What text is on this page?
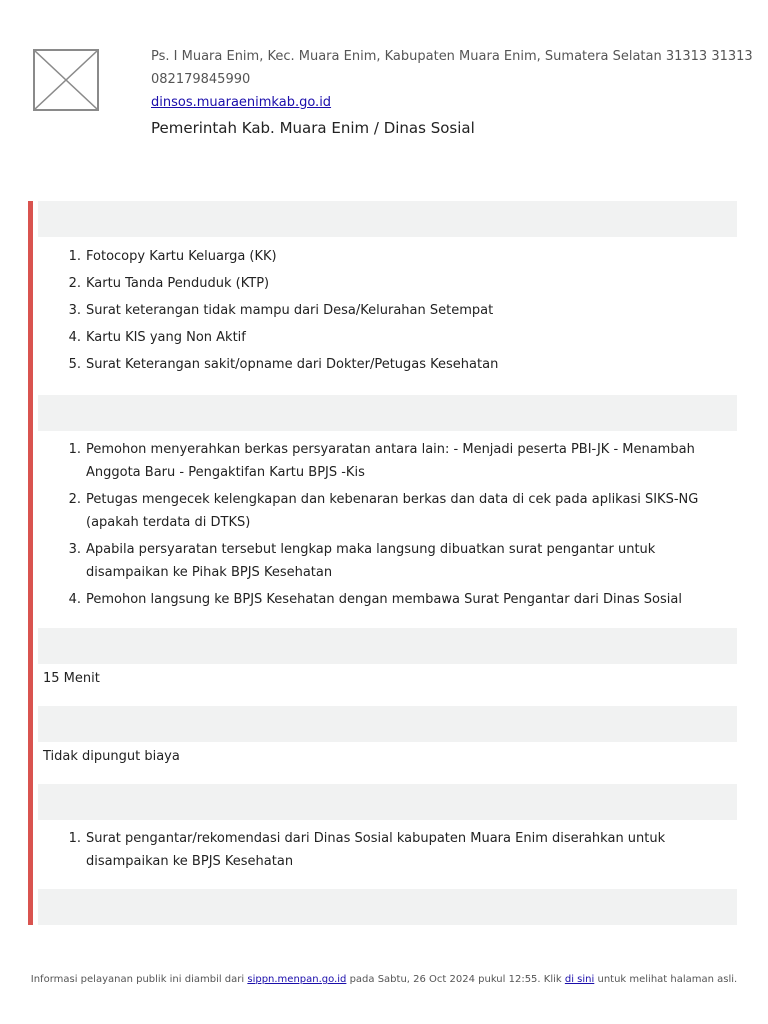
Ps. I Muara Enim, Kec. Muara Enim, Kabupaten Muara Enim, Sumatera Selatan 31313 31313
082179845990
dinsos.muaraenimkab.go.id
Pemerintah Kab. Muara Enim / Dinas Sosial
1. Fotocopy Kartu Keluarga (KK)
2. Kartu Tanda Penduduk (KTP)
3. Surat keterangan tidak mampu dari Desa/Kelurahan Setempat
4. Kartu KIS yang Non Aktif
5. Surat Keterangan sakit/opname dari Dokter/Petugas Kesehatan
1. Pemohon menyerahkan berkas persyaratan antara lain: - Menjadi peserta PBI-JK - Menambah Anggota Baru - Pengaktifan Kartu BPJS -Kis
2. Petugas mengecek kelengkapan dan kebenaran berkas dan data di cek pada aplikasi SIKS-NG (apakah terdata di DTKS)
3. Apabila persyaratan tersebut lengkap maka langsung dibuatkan surat pengantar untuk disampaikan ke Pihak BPJS Kesehatan
4. Pemohon langsung ke BPJS Kesehatan dengan membawa Surat Pengantar dari Dinas Sosial
15 Menit
Tidak dipungut biaya
1. Surat pengantar/rekomendasi dari Dinas Sosial kabupaten Muara Enim diserahkan untuk disampaikan ke BPJS Kesehatan
Informasi pelayanan publik ini diambil dari sippn.menpan.go.id pada Sabtu, 26 Oct 2024 pukul 12:55. Klik di sini untuk melihat halaman asli.
